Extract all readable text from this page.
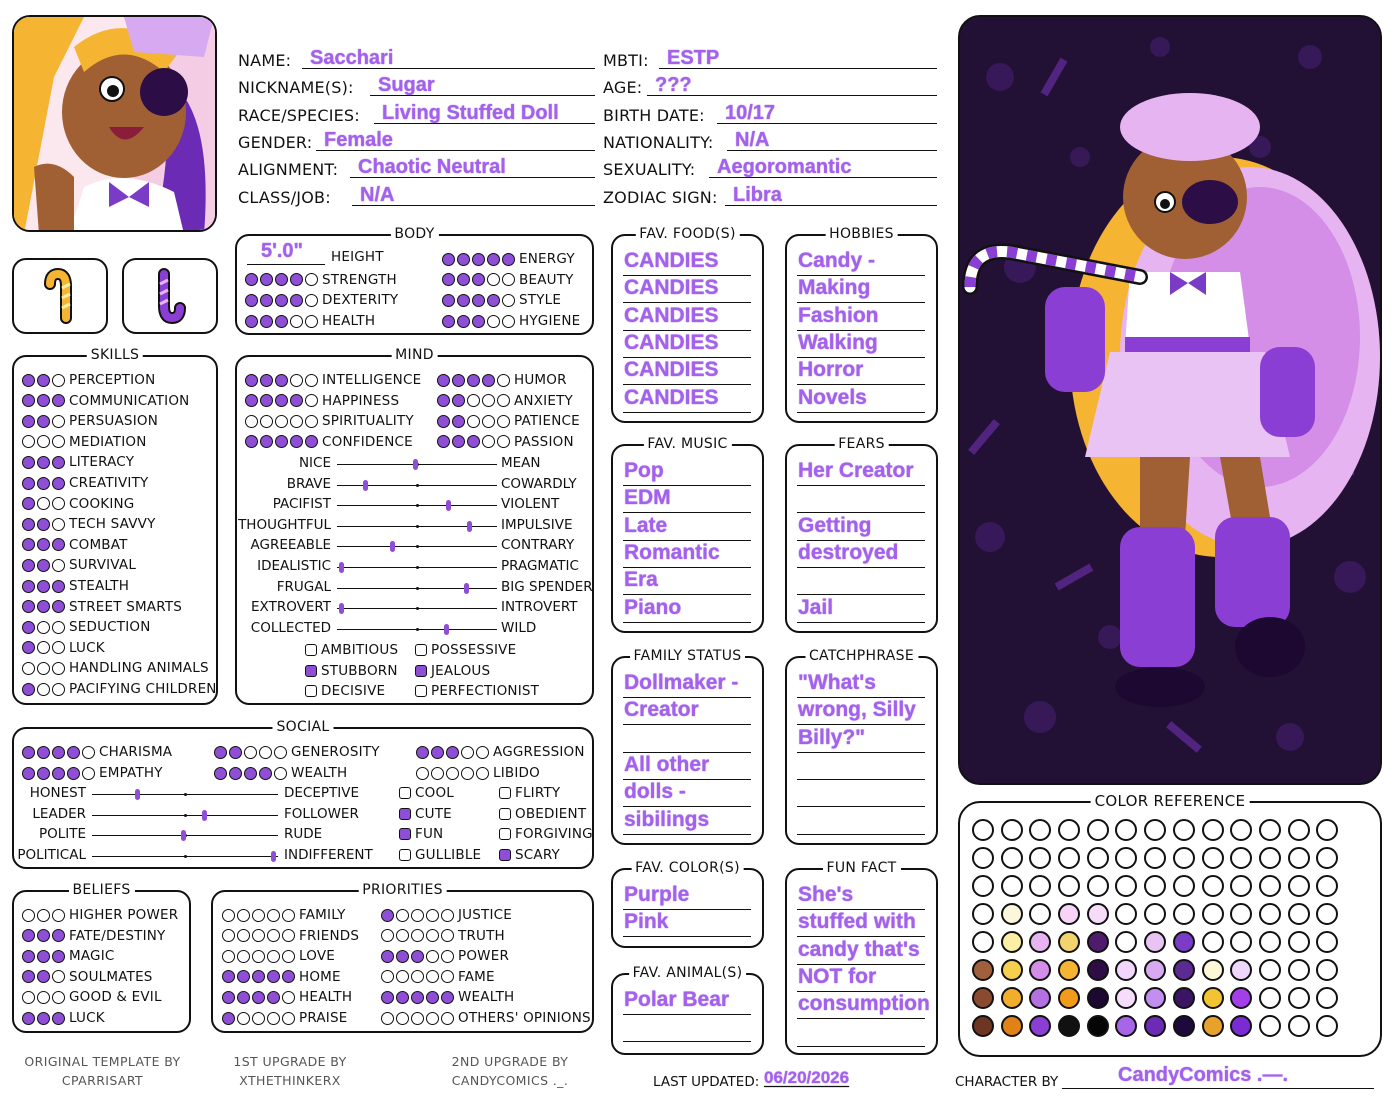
NAME: Sacchari
NICKNAME(S): Sugar
RACE/SPECIES: Living Stuffed Doll
GENDER: Female
ALIGNMENT: Chaotic Neutral
CLASS/JOB: N/A
MBTI: ESTP
AGE: ???
BIRTH DATE: 10/17
NATIONALITY: N/A
SEXUALITY: Aegoromantic
ZODIAC SIGN: Libra
BODY
5'.0" HEIGHT
STRENGTH
DEXTERITY
HEALTH
ENERGY
BEAUTY
STYLE
HYGIENE
SKILLS
PERCEPTION
COMMUNICATION
PERSUASION
MEDIATION
LITERACY
CREATIVITY
COOKING
TECH SAVVY
COMBAT
SURVIVAL
STEALTH
STREET SMARTS
SEDUCTION
LUCK
HANDLING ANIMALS
PACIFYING CHILDREN
MIND
INTELLIGENCE
HAPPINESS
SPIRITUALITY
CONFIDENCE
HUMOR
ANXIETY
PATIENCE
PASSION
NICE	MEAN
BRAVE	COWARDLY
PACIFIST	VIOLENT
THOUGHTFUL	IMPULSIVE
AGREEABLE	CONTRARY
IDEALISTIC	PRAGMATIC
FRUGAL	BIG SPENDER
EXTROVERT	INTROVERT
COLLECTED	WILD
AMBITIOUS POSSESSIVE
STUBBORN JEALOUS
DECISIVE	PERFECTIONIST
SOCIAL
CHARISMA
EMPATHY
GENEROSITY
WEALTH
AGGRESSION
LIBIDO
HONEST	DECEPTIVE
LEADER	FOLLOWER
POLITE	RUDE
POLITICAL	INDIFFERENT
COOL	FLIRTY
CUTE	OBEDIENT
FUN	FORGIVING
GULLIBLE SCARY
BELIEFS
HIGHER POWER
FATE/DESTINY
MAGIC
SOULMATES
GOOD & EVIL
LUCK
PRIORITIES
FAMILY
FRIENDS
LOVE
HOME
HEALTH
PRAISE
JUSTICE
TRUTH
POWER
FAME
WEALTH
OTHERS' OPINIONS
FAV. FOOD(S)
CANDIES
CANDIES
CANDIES
CANDIES
CANDIES
CANDIES
HOBBIES
Candy -
Making
Fashion
Walking
Horror
Novels
FAV. MUSIC
Pop
EDM
Late
Romantic
Era
Piano
FEARS
Her Creator
Getting
destroyed
Jail
FAMILY STATUS
Dollmaker -
Creator
All other
dolls -
sibilings
CATCHPHRASE
"What's
wrong, Silly
Billy?"
FAV. COLOR(S)
Purple
Pink
FAV. ANIMAL(S)
Polar Bear
FUN FACT
She's
stuffed with
candy that's
NOT for
consumption
COLOR REFERENCE
ORIGINAL TEMPLATE BY
CPARRISART
1ST UPGRADE BY
XTHETHINKERX
2ND UPGRADE BY
CANDYCOMICS ._.	LAST UPDATED: 06/20/2026	CHARACTER BY	CandyComics .—.
